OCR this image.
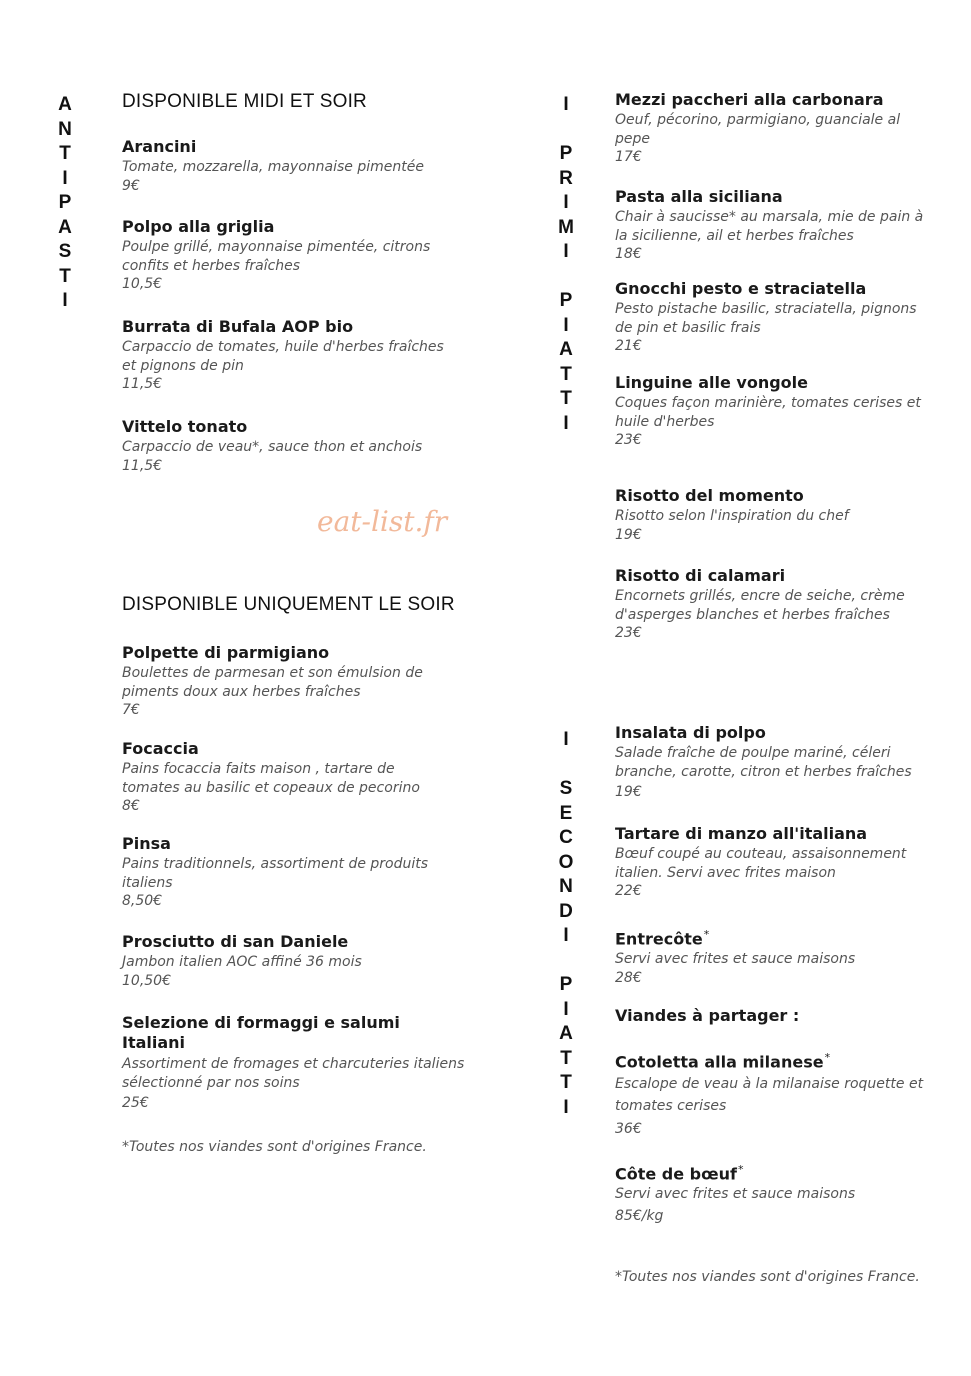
A
N
T
I
P
A
S
T
I
I
P
R
I
M
I
P
I
A
T
T
I
I
S
E
C
O
N
D
I
P
I
A
T
T
I
DISPONIBLE MIDI ET SOIR
Arancini
Tomate, mozzarella, mayonnaise pimentée
9€
Polpo alla griglia
Poulpe grillé, mayonnaise pimentée, citrons confits et herbes fraîches
10,5€
Burrata di Bufala AOP bio
Carpaccio de tomates, huile d'herbes fraîches et pignons de pin
11,5€
Vittelo tonato
Carpaccio de veau*, sauce thon et anchois
11,5€
eat-list.fr
DISPONIBLE UNIQUEMENT LE SOIR
Polpette di parmigiano
Boulettes de parmesan et son émulsion de piments doux aux herbes fraîches
7€
Focaccia
Pains focaccia faits maison , tartare de tomates au basilic et copeaux de pecorino
8€
Pinsa
Pains traditionnels, assortiment de produits italiens
8,50€
Prosciutto di san Daniele
Jambon italien AOC affiné 36 mois
10,50€
Selezione di formaggi e salumi Italiani
Assortiment de fromages et charcuteries italiens sélectionné par nos soins
25€
*Toutes nos viandes sont d'origines France.
Mezzi paccheri alla carbonara
Oeuf, pécorino, parmigiano, guanciale al pepe
17€
Pasta alla siciliana
Chair à saucisse* au marsala, mie de pain à la sicilienne, ail et herbes fraîches
18€
Gnocchi pesto e straciatella
Pesto pistache basilic, straciatella, pignons de pin et basilic frais
21€
Linguine alle vongole
Coques façon marinière, tomates cerises et huile d'herbes
23€
Risotto del momento
Risotto selon l'inspiration du chef
19€
Risotto di calamari
Encornets grillés, encre de seiche, crème d'asperges blanches et herbes fraîches
23€
Insalata di polpo
Salade fraîche de poulpe mariné, céleri branche, carotte, citron et herbes fraîches
19€
Tartare di manzo all'italiana
Bœuf coupé au couteau, assaisonnement italien. Servi avec frites maison
22€
Entrecôte*
Servi avec frites et sauce maisons
28€
Viandes à partager :
Cotoletta alla milanese*
Escalope de veau à la milanaise roquette et tomates cerises
36€
Côte de bœuf*
Servi avec frites et sauce maisons
85€/kg
*Toutes nos viandes sont d'origines France.
